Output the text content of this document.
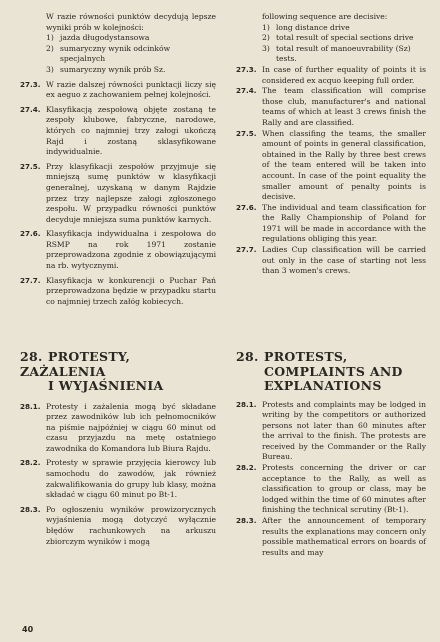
W razie równości punktów decydują lepsze wyniki prób w kolejności:

1) jazda długodystansowa
2) sumaryczny wynik odcinków specjalnych
3) sumaryczny wynik prób Sz.
27.3. W razie dalszej równości punktacji liczy się ex aeguo z zachowaniem pełnej kolejności.
27.4. Klasyfikacją zespołową objęte zostaną te zespoły klubowe, fabryczne, narodowe, których co najmniej trzy załogi ukończą Rajd i zostaną sklasyfikowane indywidualnie.
27.5. Przy klasyfikacji zespołów przyjmuje się mniejszą sumę punktów w klasyfikacji generalnej, uzyskaną w danym Rajdzie przez trzy najlepsze załogi zgłoszonego zespołu. W przypadku równości punktów decyduje mniejsza suma punktów karnych.
27.6. Klasyfikacja indywidualna i zespołowa do RSMP na rok 1971 zostanie przeprowadzona zgodnie z obowiązującymi na rb. wytycznymi.
27.7. Klasyfikacja w konkurencji o Puchar Pań przeprowadzona będzie w przypadku startu co najmniej trzech załóg kobiecych.

following sequence are decisive:

1) long distance drive
2) total result of special sections drive
3) total result of manoeuvrability (Sz) tests.
27.3. In case of further equality of points it is considered ex acquo keeping full order.
27.4. The team classification will comprise those club, manufacturer's and national teams of which at least 3 crews finish the Rally and are classified.
27.5. When classifing the teams, the smaller amount of points in general classification, obtained in the Rally by three best crews of the team entered will be taken into account. In case of the point equality the smaller amount of penalty points is decisive.
27.6. The individual and team classification for the Rally Championship of Poland for 1971 will be made in accordance with the regulations obliging this year.
27.7. Ladies Cup classification will be carried out only in the case of starting not less than 3 women's crews.
28. PROTESTY, ZAŻALENIA
I WYJAŚNIENIA
28.1. Protesty i zażalenia mogą być składane przez zawodników lub ich pełnomocników na piśmie najpóźniej w ciągu 60 minut od czasu przyjazdu na metę ostatniego zawodnika do Komandora lub Biura Rajdu.
28.2. Protesty w sprawie przyjęcia kierowcy lub samochodu do zawodów, jak również zakwalifikowania do grupy lub klasy, można składać w ciągu 60 minut po Bt-1.
28.3. Po ogłoszeniu wyników prowizorycznych wyjaśnienia mogą dotyczyć wyłącznie błędów rachunkowych na arkuszu zbiorczym wyników i mogą
28. PROTESTS,
COMPLAINTS AND
EXPLANATIONS
28.1. Protests and complaints may be lodged in writing by the competitors or authorized persons not later than 60 minutes after the arrival to the finish. The protests are received by the Commander or the Rally Bureau.
28.2. Protests concerning the driver or car acceptance to the Rally, as well as classification to group or class, may be lodged within the time of 60 minutes after finishing the technical scrutiny (Bt-1).
28.3. After the announcement of temporary results the explanations may concern only possible mathematical errors on boards of results and may
40
